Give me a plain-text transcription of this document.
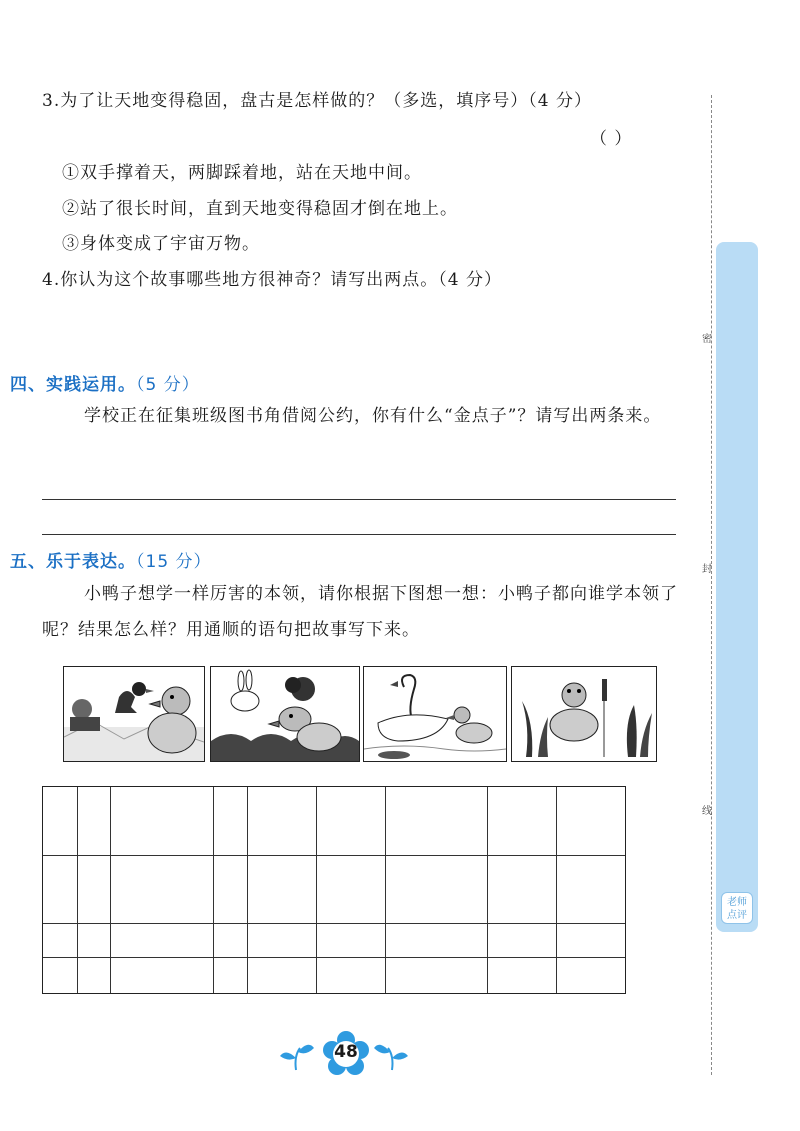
3.为了让天地变得稳固，盘古是怎样做的？（多选，填序号）（4 分）
（ ）
①双手撑着天，两脚踩着地，站在天地中间。
②站了很长时间，直到天地变得稳固才倒在地上。
③身体变成了宇宙万物。
4.你认为这个故事哪些地方很神奇？请写出两点。（4 分）
四、实践运用。（5 分）
学校正在征集班级图书角借阅公约，你有什么“金点子”？请写出两条来。
五、乐于表达。（15 分）
小鸭子想学一样厉害的本领，请你根据下图想一想：小鸭子都向谁学本领了呢？结果怎么样？用通顺的语句把故事写下来。
密
封
线
老师
点评
48
